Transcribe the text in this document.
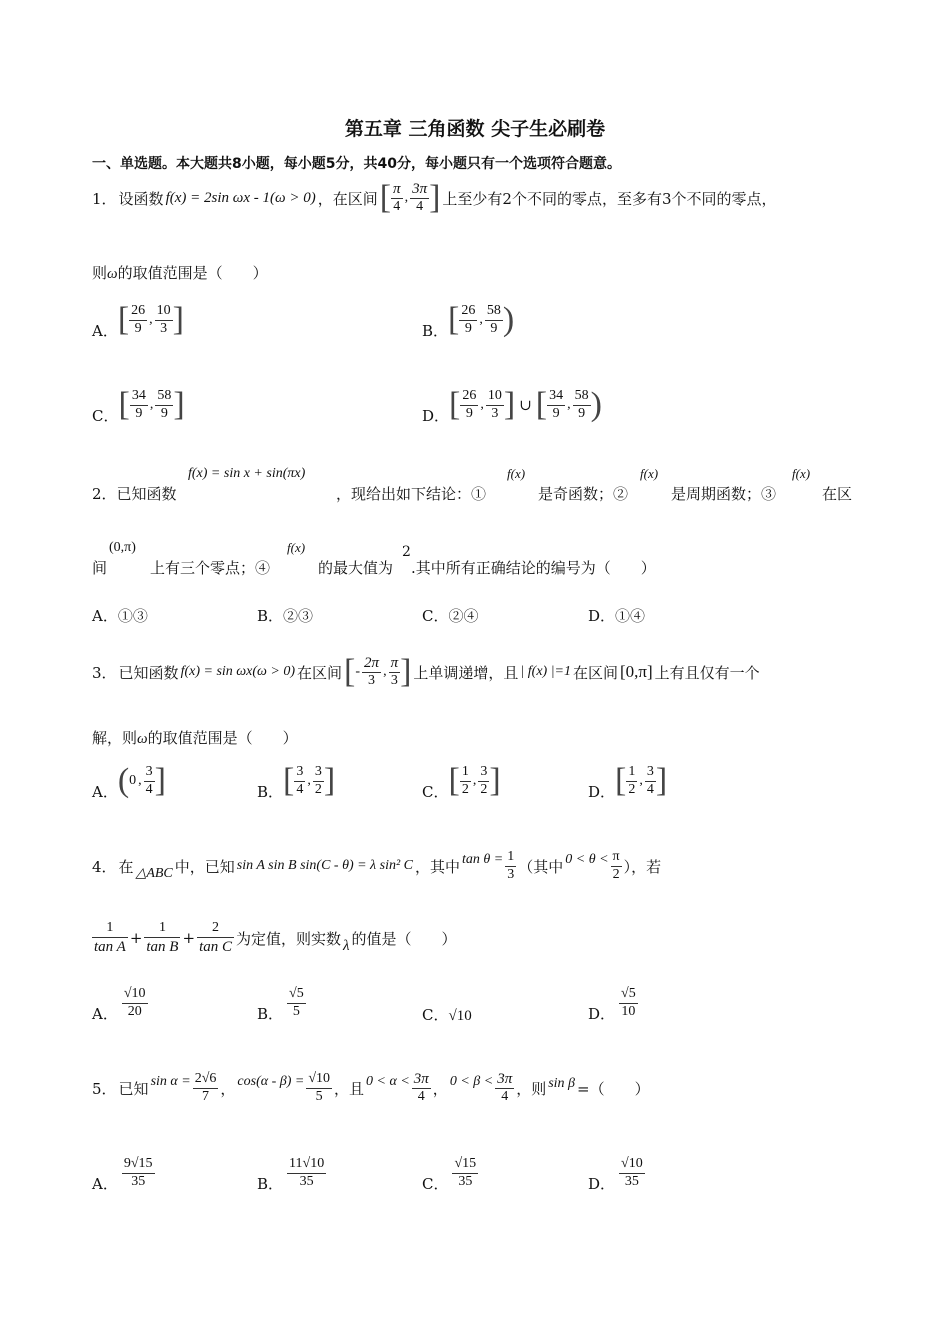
第五章 三角函数 尖子生必刷卷
一、单选题。本大题共8小题，每小题5分，共40分，每小题只有一个选项符合题意。
1． 设函数 f(x) = 2sin ωx - 1(ω > 0) ，在区间 [ $\frac{\pi}{4}$ , $\frac{3\pi}{4}$ ] 上至少有2个不同的零点，至多有3个不同的零点，
则ω的取值范围是（　　）
A． [ $\frac{26}{9}$ , $\frac{10}{3}$ ]	B． [ $\frac{26}{9}$ , $\frac{58}{9}$ )
C． [ $\frac{34}{9}$ , $\frac{58}{9}$ ]	D． [ $\frac{26}{9}$ , $\frac{10}{3}$ ] ∪ [ $\frac{34}{9}$ , $\frac{58}{9}$ )
2．已知函数
f(x) = sin x + sin(πx)
，现给出如下结论：①
f(x)
是奇函数；②
f(x)
是周期函数；③
f(x)
在区
间
(0,π)
上有三个零点；④
f(x)
的最大值为
2
.其中所有正确结论的编号为（　　）
A．①③	B．②③	C．②④	D．①④
3． 已知函数 f(x) = sin ωx(ω > 0) 在区间 [ - $\frac{2\pi}{3}$ , $\frac{\pi}{3}$ ] 上单调递增，且 | f(x) |=1 在区间 [0,π] 上有且仅有一个
解，则ω的取值范围是（　　）
A． ( 0 , $\frac{3}{4}$ ]	B． [ $\frac{3}{4}$ , $\frac{3}{2}$ ]	C． [ $\frac{1}{2}$ , $\frac{3}{2}$ ]	D． [ $\frac{1}{2}$ , $\frac{3}{4}$ ]
4． 在 △ABC 中，已知 sin A sin B sin(C - θ) = λ sin² C ，其中 $\tan \theta = \frac{1}{3}$ （其中 $0 < \theta < \frac{\pi}{2}$ ），若
$\frac{1}{\text{tan A}} + \frac{1}{\text{tan B}} + \frac{2}{\text{tan C}}$ 为定值，则实数 λ 的值是（　　）
A． $\frac{√10}{20}$	B． $\frac{√5}{5}$	C．√10	D． $\frac{√5}{10}$
5． 已知 $\sin \alpha = \frac{2√6}{7}$ ， $\cos(\alpha - \beta) = \frac{√10}{5}$ ，且 $0 < \alpha < \frac{3\pi}{4}$ ， $0 < \beta < \frac{3\pi}{4}$ ，则 sin β =（　　）
A． $\frac{9√15}{35}$	B． $\frac{11√10}{35}$	C． $\frac{√15}{35}$	D． $\frac{√10}{35}$
